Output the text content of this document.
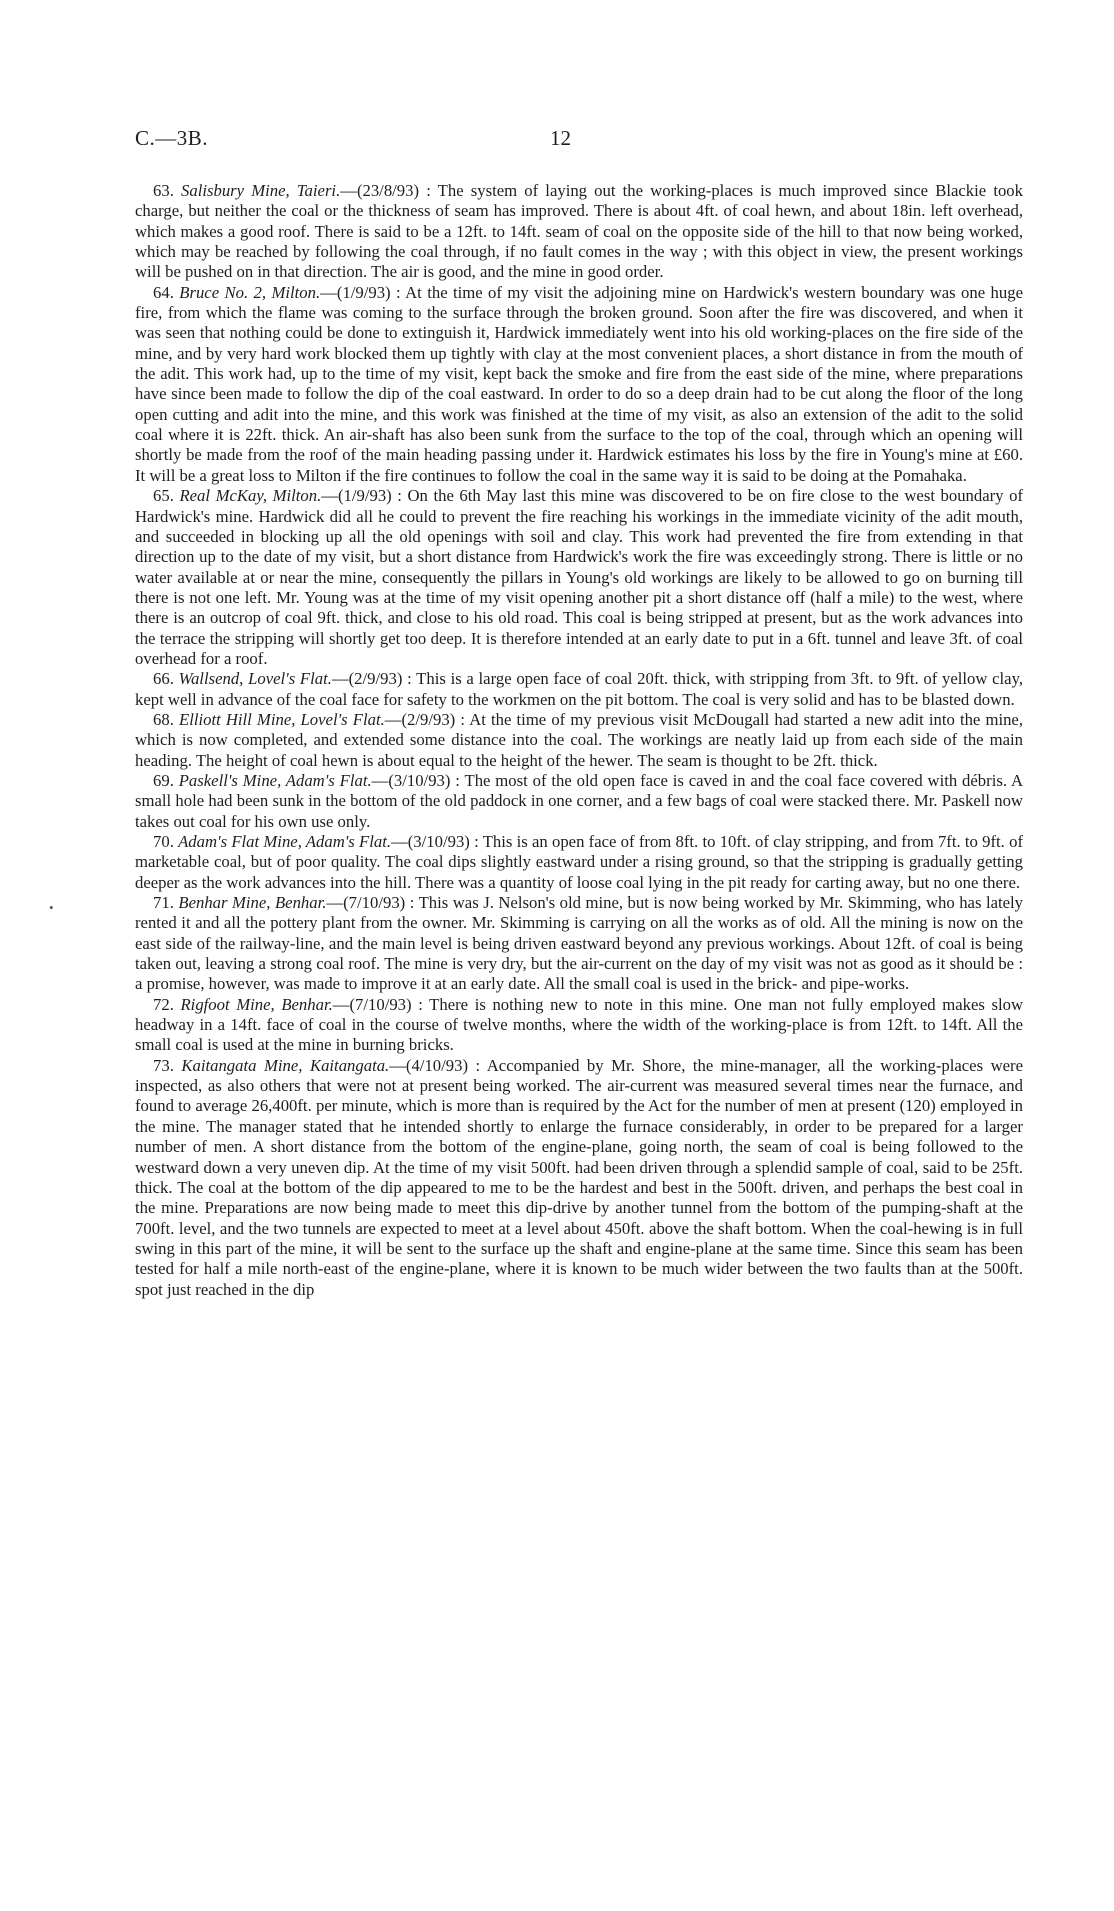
C.—3B.	12

63. Salisbury Mine, Taieri.—(23/8/93) : The system of laying out the working-places is much improved since Blackie took charge, but neither the coal or the thickness of seam has improved. There is about 4ft. of coal hewn, and about 18in. left overhead, which makes a good roof. There is said to be a 12ft. to 14ft. seam of coal on the opposite side of the hill to that now being worked, which may be reached by following the coal through, if no fault comes in the way ; with this object in view, the present workings will be pushed on in that direction. The air is good, and the mine in good order.

64. Bruce No. 2, Milton.—(1/9/93) : At the time of my visit the adjoining mine on Hardwick's western boundary was one huge fire, from which the flame was coming to the surface through the broken ground. Soon after the fire was discovered, and when it was seen that nothing could be done to extinguish it, Hardwick immediately went into his old working-places on the fire side of the mine, and by very hard work blocked them up tightly with clay at the most convenient places, a short distance in from the mouth of the adit. This work had, up to the time of my visit, kept back the smoke and fire from the east side of the mine, where preparations have since been made to follow the dip of the coal eastward. In order to do so a deep drain had to be cut along the floor of the long open cutting and adit into the mine, and this work was finished at the time of my visit, as also an extension of the adit to the solid coal where it is 22ft. thick. An air-shaft has also been sunk from the surface to the top of the coal, through which an opening will shortly be made from the roof of the main heading passing under it. Hardwick estimates his loss by the fire in Young's mine at £60. It will be a great loss to Milton if the fire continues to follow the coal in the same way it is said to be doing at the Pomahaka.

65. Real McKay, Milton.—(1/9/93) : On the 6th May last this mine was discovered to be on fire close to the west boundary of Hardwick's mine. Hardwick did all he could to prevent the fire reaching his workings in the immediate vicinity of the adit mouth, and succeeded in blocking up all the old openings with soil and clay. This work had prevented the fire from extending in that direction up to the date of my visit, but a short distance from Hardwick's work the fire was exceedingly strong. There is little or no water available at or near the mine, consequently the pillars in Young's old workings are likely to be allowed to go on burning till there is not one left. Mr. Young was at the time of my visit opening another pit a short distance off (half a mile) to the west, where there is an outcrop of coal 9ft. thick, and close to his old road. This coal is being stripped at present, but as the work advances into the terrace the stripping will shortly get too deep. It is therefore intended at an early date to put in a 6ft. tunnel and leave 3ft. of coal overhead for a roof.

66. Wallsend, Lovel's Flat.—(2/9/93) : This is a large open face of coal 20ft. thick, with stripping from 3ft. to 9ft. of yellow clay, kept well in advance of the coal face for safety to the workmen on the pit bottom. The coal is very solid and has to be blasted down.

68. Elliott Hill Mine, Lovel's Flat.—(2/9/93) : At the time of my previous visit McDougall had started a new adit into the mine, which is now completed, and extended some distance into the coal. The workings are neatly laid up from each side of the main heading. The height of coal hewn is about equal to the height of the hewer. The seam is thought to be 2ft. thick.

69. Paskell's Mine, Adam's Flat.—(3/10/93) : The most of the old open face is caved in and the coal face covered with débris. A small hole had been sunk in the bottom of the old paddock in one corner, and a few bags of coal were stacked there. Mr. Paskell now takes out coal for his own use only.

70. Adam's Flat Mine, Adam's Flat.—(3/10/93) : This is an open face of from 8ft. to 10ft. of clay stripping, and from 7ft. to 9ft. of marketable coal, but of poor quality. The coal dips slightly eastward under a rising ground, so that the stripping is gradually getting deeper as the work advances into the hill. There was a quantity of loose coal lying in the pit ready for carting away, but no one there.

71. Benhar Mine, Benhar.—(7/10/93) : This was J. Nelson's old mine, but is now being worked by Mr. Skimming, who has lately rented it and all the pottery plant from the owner. Mr. Skimming is carrying on all the works as of old. All the mining is now on the east side of the railway-line, and the main level is being driven eastward beyond any previous workings. About 12ft. of coal is being taken out, leaving a strong coal roof. The mine is very dry, but the air-current on the day of my visit was not as good as it should be : a promise, however, was made to improve it at an early date. All the small coal is used in the brick- and pipe-works.

72. Rigfoot Mine, Benhar.—(7/10/93) : There is nothing new to note in this mine. One man not fully employed makes slow headway in a 14ft. face of coal in the course of twelve months, where the width of the working-place is from 12ft. to 14ft. All the small coal is used at the mine in burning bricks.

73. Kaitangata Mine, Kaitangata.—(4/10/93) : Accompanied by Mr. Shore, the mine-manager, all the working-places were inspected, as also others that were not at present being worked. The air-current was measured several times near the furnace, and found to average 26,400ft. per minute, which is more than is required by the Act for the number of men at present (120) employed in the mine. The manager stated that he intended shortly to enlarge the furnace considerably, in order to be prepared for a larger number of men. A short distance from the bottom of the engine-plane, going north, the seam of coal is being followed to the westward down a very uneven dip. At the time of my visit 500ft. had been driven through a splendid sample of coal, said to be 25ft. thick. The coal at the bottom of the dip appeared to me to be the hardest and best in the 500ft. driven, and perhaps the best coal in the mine. Preparations are now being made to meet this dip-drive by another tunnel from the bottom of the pumping-shaft at the 700ft. level, and the two tunnels are expected to meet at a level about 450ft. above the shaft bottom. When the coal-hewing is in full swing in this part of the mine, it will be sent to the surface up the shaft and engine-plane at the same time. Since this seam has been tested for half a mile north-east of the engine-plane, where it is known to be much wider between the two faults than at the 500ft. spot just reached in the dip

•
